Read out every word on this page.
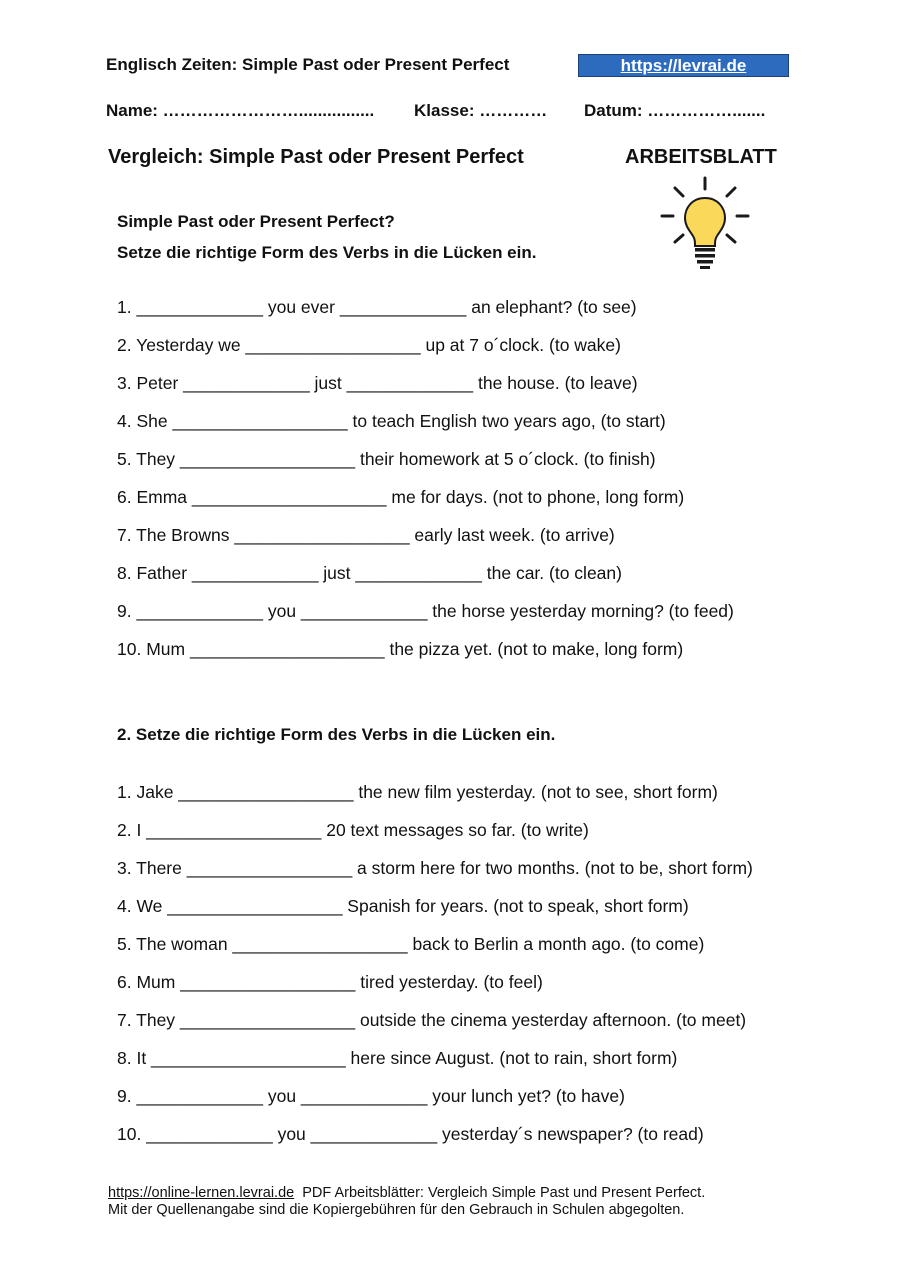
Englisch Zeiten: Simple Past oder Present Perfect	https://levrai.de
Name: ……………………................ Klasse: ………… Datum: …………….......
Vergleich: Simple Past oder Present Perfect	ARBEITSBLATT
Simple Past oder Present Perfect?
Setze die richtige Form des Verbs in die Lücken ein.
1. _____________ you ever _____________ an elephant? (to see)
2. Yesterday we __________________ up at 7 o´clock. (to wake)
3. Peter _____________ just _____________ the house. (to leave)
4. She __________________ to teach English two years ago, (to start)
5. They __________________ their homework at 5 o´clock. (to finish)
6. Emma ____________________ me for days. (not to phone, long form)
7. The Browns __________________ early last week. (to arrive)
8. Father _____________ just _____________ the car. (to clean)
9. _____________ you _____________ the horse yesterday morning? (to feed)
10. Mum ____________________ the pizza yet. (not to make, long form)
2. Setze die richtige Form des Verbs in die Lücken ein.
1. Jake __________________ the new film yesterday. (not to see, short form)
2. I __________________ 20 text messages so far. (to write)
3. There _________________ a storm here for two months. (not to be, short form)
4. We __________________ Spanish for years. (not to speak, short form)
5. The woman __________________ back to Berlin a month ago. (to come)
6. Mum __________________ tired yesterday. (to feel)
7. They __________________ outside the cinema yesterday afternoon. (to meet)
8. It ____________________ here since August. (not to rain, short form)
9. _____________ you _____________ your lunch yet? (to have)
10. _____________ you _____________ yesterday´s newspaper? (to read)
https://online-lernen.levrai.de  PDF Arbeitsblätter: Vergleich Simple Past und Present Perfect.
Mit der Quellenangabe sind die Kopiergebühren für den Gebrauch in Schulen abgegolten.
